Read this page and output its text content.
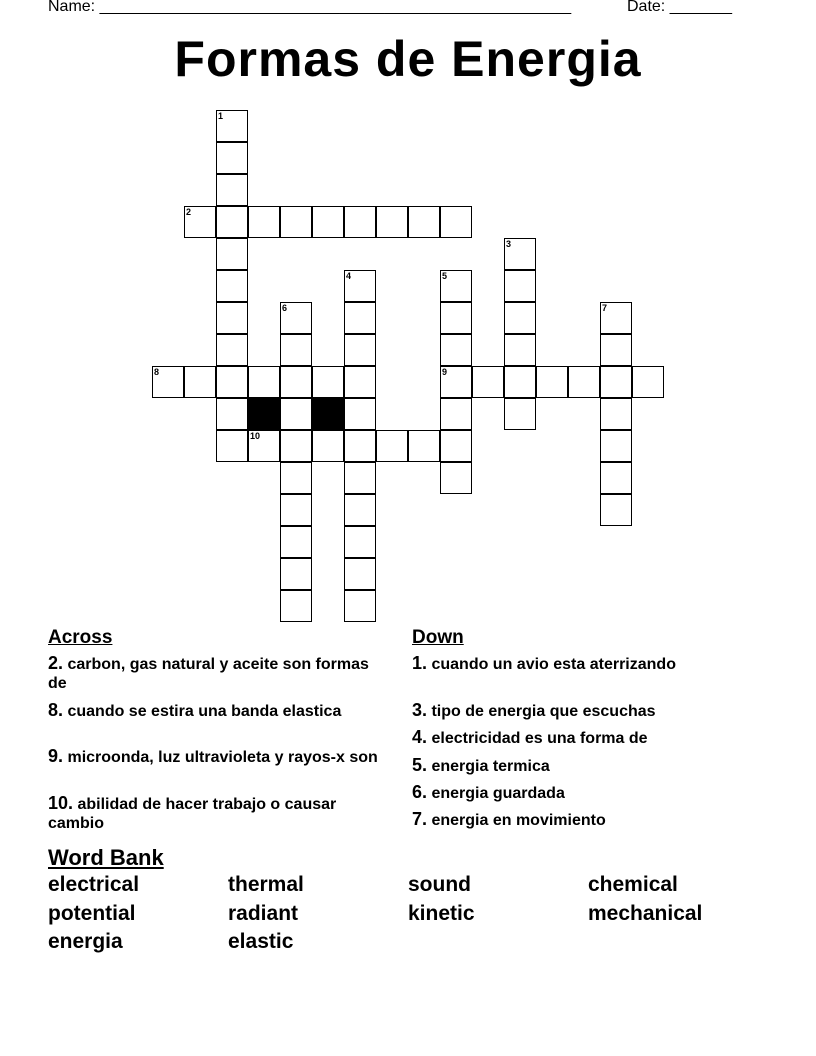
Name: _____________________________________________________	Date: _______
Formas de Energia
1
2
3
4	5
6	7
8	9
10
Across
2. carbon, gas natural y aceite son formas de
8. cuando se estira una banda elastica
9. microonda, luz ultravioleta y rayos-x son
10. abilidad de hacer trabajo o causar cambio
Down
1. cuando un avio esta aterrizando
3. tipo de energia que escuchas
4. electricidad es una forma de
5. energia termica
6. energia guardada
7. energia en movimiento
Word Bank
electrical	thermal	sound	chemical
potential	radiant	kinetic	mechanical
energia	elastic
